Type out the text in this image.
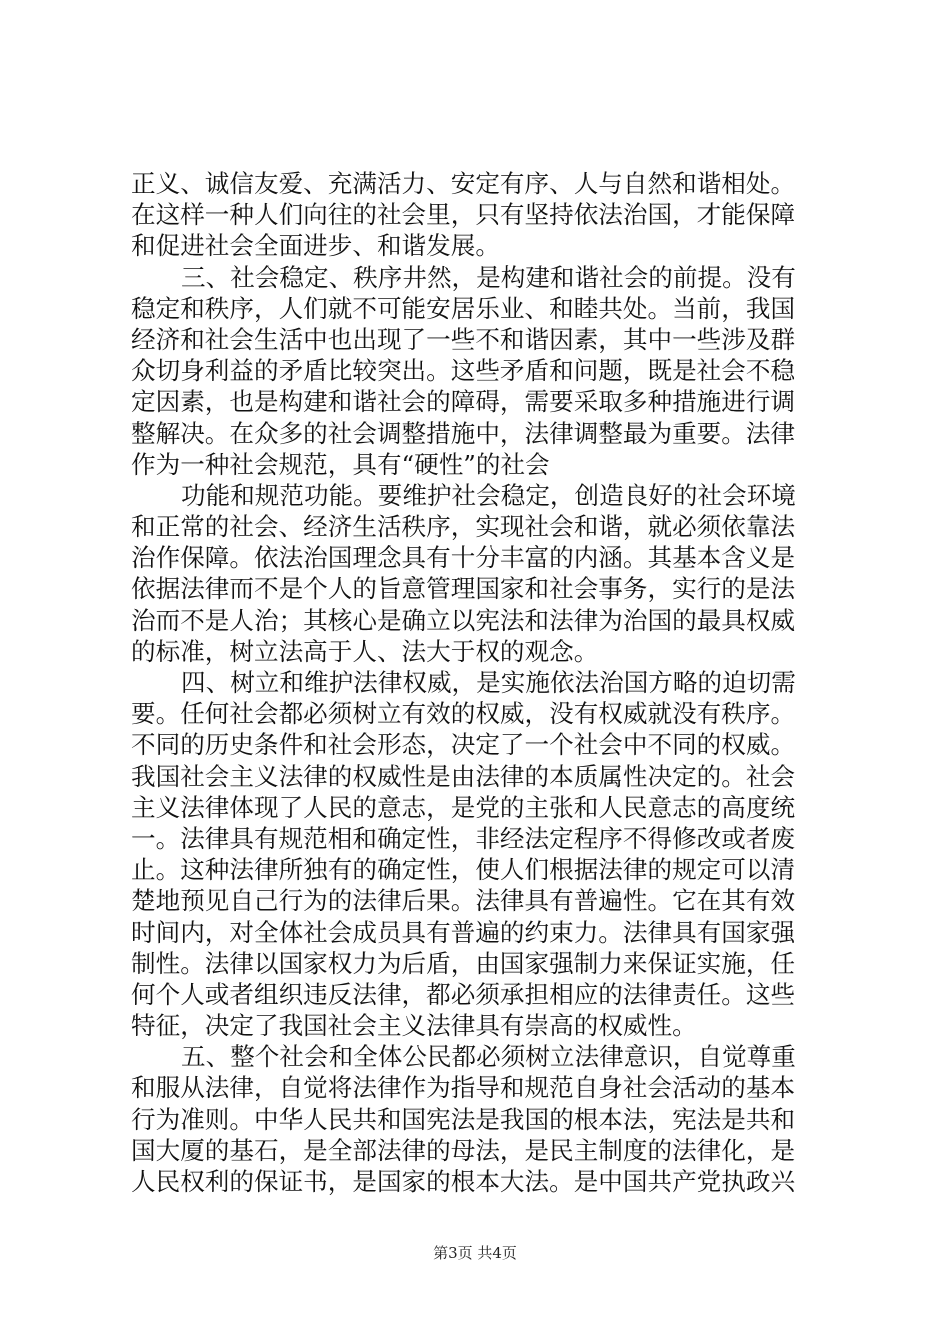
正义、诚信友爱、充满活力、安定有序、人与自然和谐相处。
在这样一种人们向往的社会里，只有坚持依法治国，才能保障
和促进社会全面进步、和谐发展。
三、社会稳定、秩序井然，是构建和谐社会的前提。没有
稳定和秩序，人们就不可能安居乐业、和睦共处。当前，我国
经济和社会生活中也出现了一些不和谐因素，其中一些涉及群
众切身利益的矛盾比较突出。这些矛盾和问题，既是社会不稳
定因素，也是构建和谐社会的障碍，需要采取多种措施进行调
整解决。在众多的社会调整措施中，法律调整最为重要。法律
作为一种社会规范，具有“硬性”的社会
功能和规范功能。要维护社会稳定，创造良好的社会环境
和正常的社会、经济生活秩序，实现社会和谐，就必须依靠法
治作保障。依法治国理念具有十分丰富的内涵。其基本含义是
依据法律而不是个人的旨意管理国家和社会事务，实行的是法
治而不是人治；其核心是确立以宪法和法律为治国的最具权威
的标准，树立法高于人、法大于权的观念。
四、树立和维护法律权威，是实施依法治国方略的迫切需
要。任何社会都必须树立有效的权威，没有权威就没有秩序。
不同的历史条件和社会形态，决定了一个社会中不同的权威。
我国社会主义法律的权威性是由法律的本质属性决定的。社会
主义法律体现了人民的意志，是党的主张和人民意志的高度统
一。法律具有规范相和确定性，非经法定程序不得修改或者废
止。这种法律所独有的确定性，使人们根据法律的规定可以清
楚地预见自己行为的法律后果。法律具有普遍性。它在其有效
时间内，对全体社会成员具有普遍的约束力。法律具有国家强
制性。法律以国家权力为后盾，由国家强制力来保证实施，任
何个人或者组织违反法律，都必须承担相应的法律责任。这些
特征，决定了我国社会主义法律具有崇高的权威性。
五、整个社会和全体公民都必须树立法律意识，自觉尊重
和服从法律，自觉将法律作为指导和规范自身社会活动的基本
行为准则。中华人民共和国宪法是我国的根本法，宪法是共和
国大厦的基石，是全部法律的母法，是民主制度的法律化，是
人民权利的保证书，是国家的根本大法。是中国共产党执政兴
第3页 共4页
